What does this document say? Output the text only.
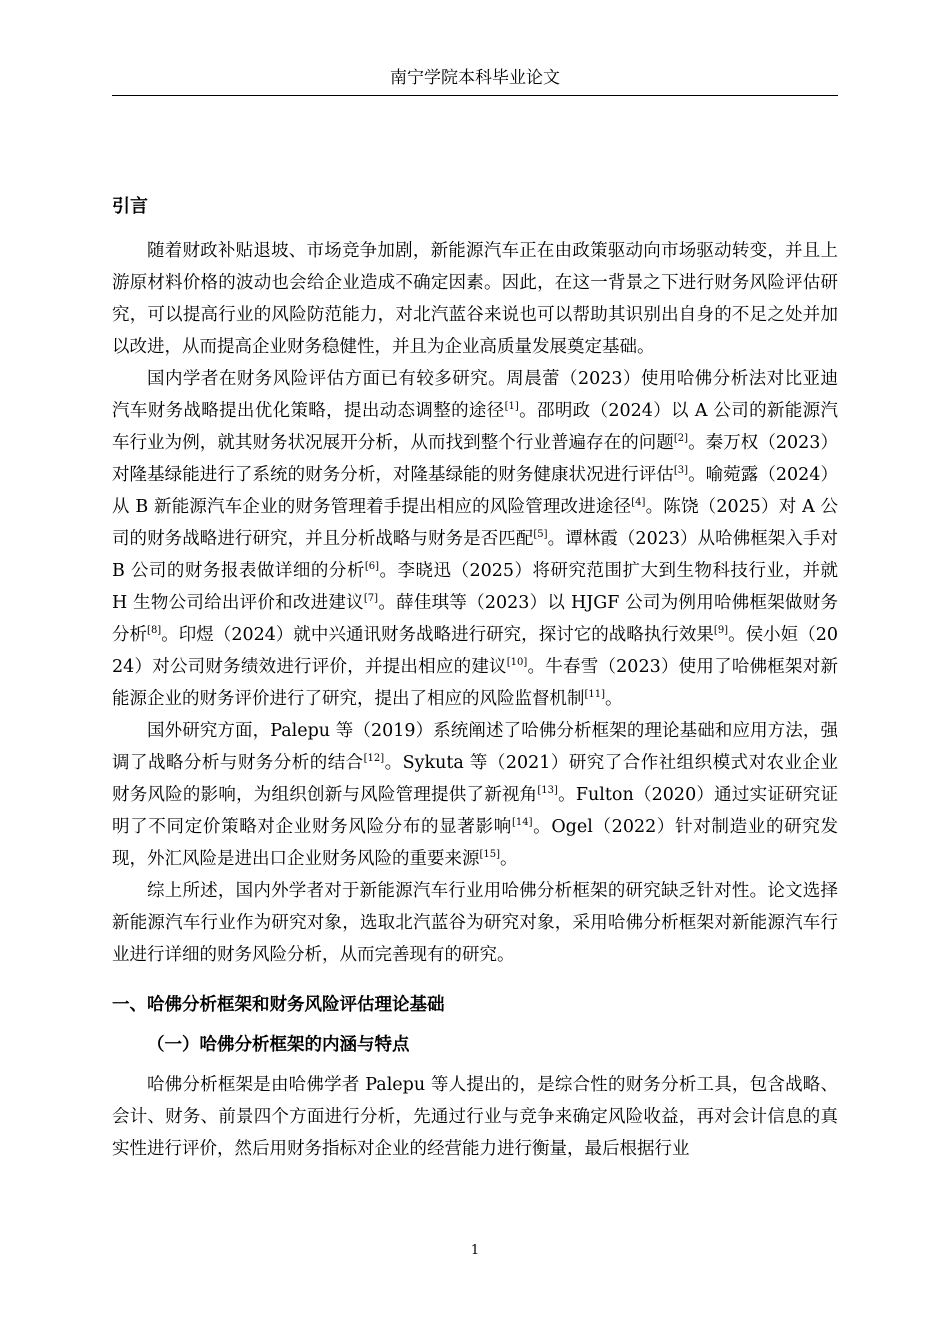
南宁学院本科毕业论文
引言

随着财政补贴退坡、市场竞争加剧，新能源汽车正在由政策驱动向市场驱动转变，并且上游原材料价格的波动也会给企业造成不确定因素。因此，在这一背景之下进行财务风险评估研究，可以提高行业的风险防范能力，对北汽蓝谷来说也可以帮助其识别出自身的不足之处并加以改进，从而提高企业财务稳健性，并且为企业高质量发展奠定基础。

国内学者在财务风险评估方面已有较多研究。周晨蕾（2023）使用哈佛分析法对比亚迪汽车财务战略提出优化策略，提出动态调整的途径[1]。邵明政（2024）以 A 公司的新能源汽车行业为例，就其财务状况展开分析，从而找到整个行业普遍存在的问题[2]。秦万权（2023）对隆基绿能进行了系统的财务分析，对隆基绿能的财务健康状况进行评估[3]。喻菀露（2024）从 B 新能源汽车企业的财务管理着手提出相应的风险管理改进途径[4]。陈饶（2025）对 A 公司的财务战略进行研究，并且分析战略与财务是否匹配[5]。谭林霞（2023）从哈佛框架入手对 B 公司的财务报表做详细的分析[6]。李晓迅（2025）将研究范围扩大到生物科技行业，并就 H 生物公司给出评价和改进建议[7]。薛佳琪等（2023）以 HJGF 公司为例用哈佛框架做财务分析[8]。印煜（2024）就中兴通讯财务战略进行研究，探讨它的战略执行效果[9]。侯小姮（2024）对公司财务绩效进行评价，并提出相应的建议[10]。牛春雪（2023）使用了哈佛框架对新能源企业的财务评价进行了研究，提出了相应的风险监督机制[11]。

国外研究方面，Palepu 等（2019）系统阐述了哈佛分析框架的理论基础和应用方法，强调了战略分析与财务分析的结合[12]。Sykuta 等（2021）研究了合作社组织模式对农业企业财务风险的影响，为组织创新与风险管理提供了新视角[13]。Fulton（2020）通过实证研究证明了不同定价策略对企业财务风险分布的显著影响[14]。Ogel（2022）针对制造业的研究发现，外汇风险是进出口企业财务风险的重要来源[15]。

综上所述，国内外学者对于新能源汽车行业用哈佛分析框架的研究缺乏针对性。论文选择新能源汽车行业作为研究对象，选取北汽蓝谷为研究对象，采用哈佛分析框架对新能源汽车行业进行详细的财务风险分析，从而完善现有的研究。

一、哈佛分析框架和财务风险评估理论基础
（一）哈佛分析框架的内涵与特点

哈佛分析框架是由哈佛学者 Palepu 等人提出的，是综合性的财务分析工具，包含战略、会计、财务、前景四个方面进行分析，先通过行业与竞争来确定风险收益，再对会计信息的真实性进行评价，然后用财务指标对企业的经营能力进行衡量，最后根据行业

1
